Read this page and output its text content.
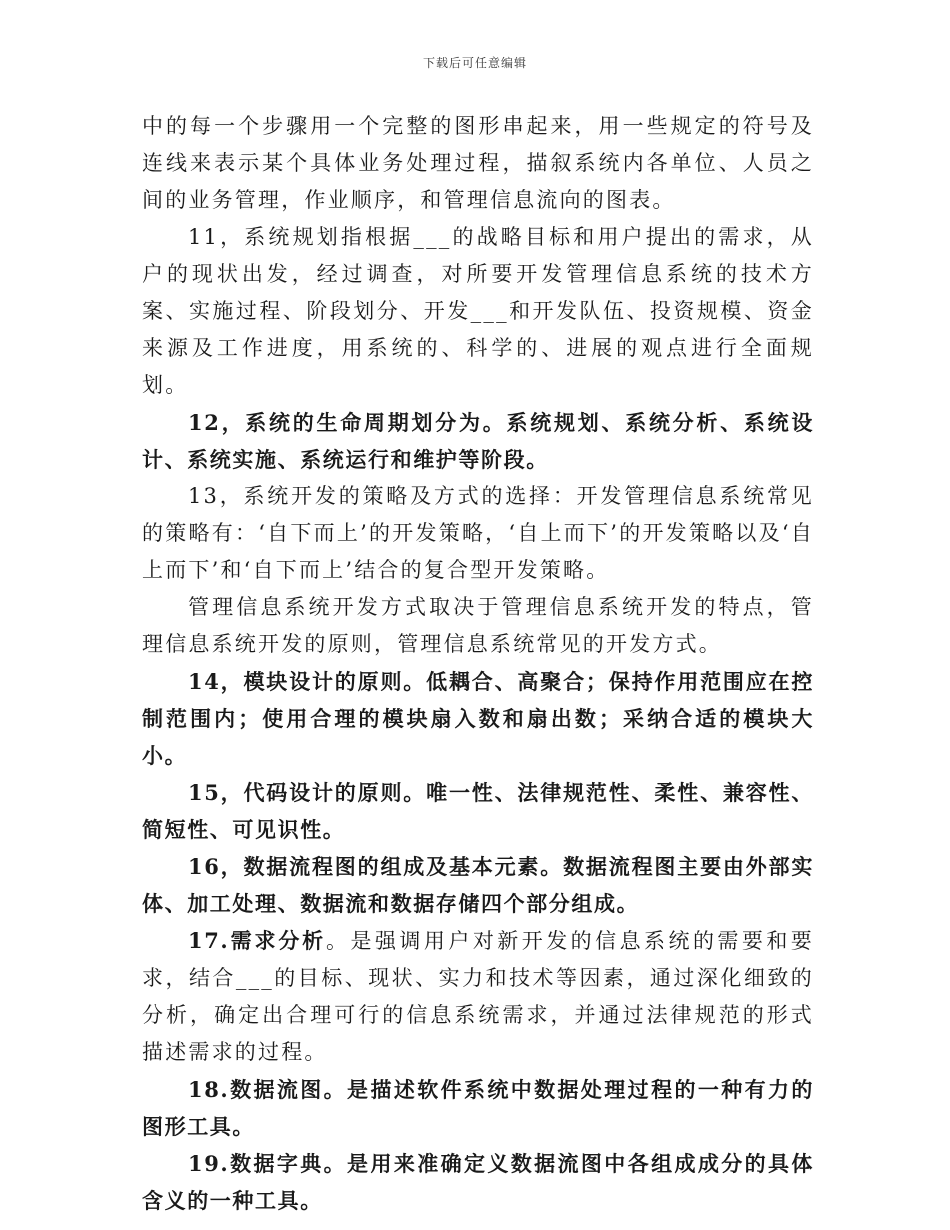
下载后可任意编辑

中的每一个步骤用一个完整的图形串起来，用一些规定的符号及连线来表示某个具体业务处理过程，描叙系统内各单位、人员之间的业务管理，作业顺序，和管理信息流向的图表。

11，系统规划指根据___的战略目标和用户提出的需求，从户的现状出发，经过调查，对所要开发管理信息系统的技术方案、实施过程、阶段划分、开发___和开发队伍、投资规模、资金来源及工作进度，用系统的、科学的、进展的观点进行全面规划。

12，系统的生命周期划分为。系统规划、系统分析、系统设计、系统实施、系统运行和维护等阶段。

13，系统开发的策略及方式的选择：开发管理信息系统常见的策略有：‘自下而上’的开发策略，‘自上而下’的开发策略以及‘自上而下’和‘自下而上’结合的复合型开发策略。

管理信息系统开发方式取决于管理信息系统开发的特点，管理信息系统开发的原则，管理信息系统常见的开发方式。

14，模块设计的原则。低耦合、高聚合；保持作用范围应在控制范围内；使用合理的模块扇入数和扇出数；采纳合适的模块大小。

15，代码设计的原则。唯一性、法律规范性、柔性、兼容性、简短性、可见识性。

16，数据流程图的组成及基本元素。数据流程图主要由外部实体、加工处理、数据流和数据存储四个部分组成。

17.需求分析。是强调用户对新开发的信息系统的需要和要求，结合___的目标、现状、实力和技术等因素，通过深化细致的分析，确定出合理可行的信息系统需求，并通过法律规范的形式描述需求的过程。

18.数据流图。是描述软件系统中数据处理过程的一种有力的图形工具。

19.数据字典。是用来准确定义数据流图中各组成成分的具体含义的一种工具。
